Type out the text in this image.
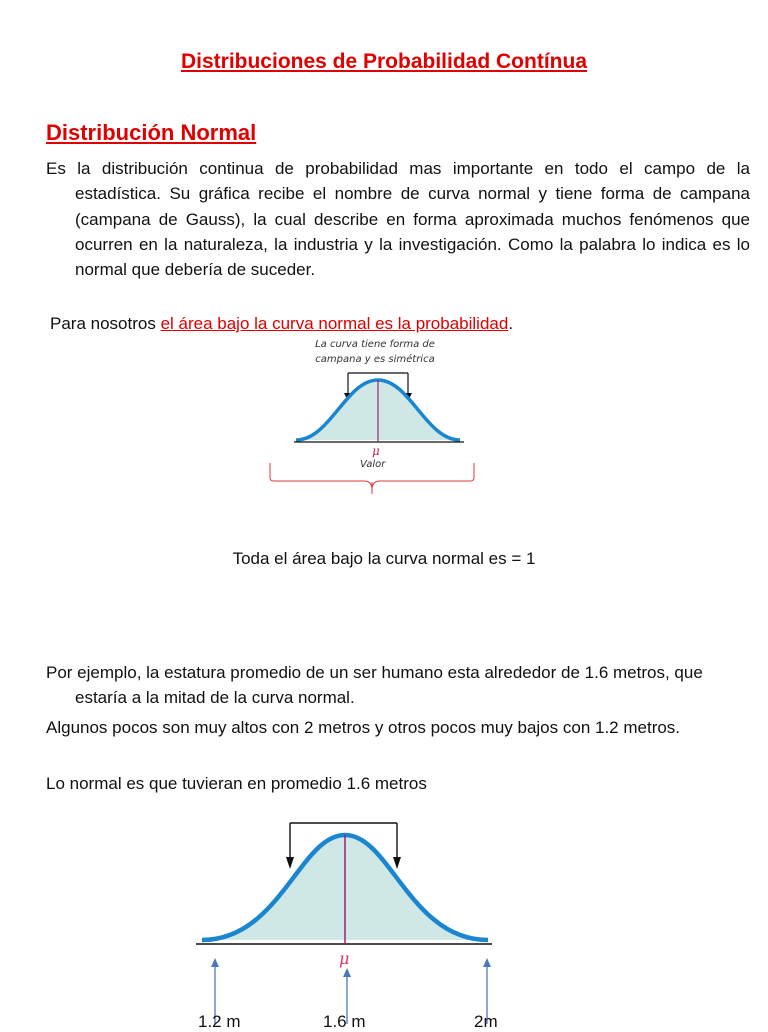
Distribuciones de Probabilidad Contínua
Distribución Normal
Es la distribución continua de probabilidad mas importante en todo el campo de la estadística. Su gráfica recibe el nombre de curva normal y tiene forma de campana (campana de Gauss), la cual describe en forma aproximada muchos fenómenos que ocurren en la naturaleza, la industria y la investigación. Como la palabra lo indica es lo normal que debería de suceder.
Para nosotros el área bajo la curva normal es la probabilidad.
La curva tiene forma de
campana y es simétrica
μ
Valor
Toda el área bajo la curva normal es = 1
Por ejemplo, la estatura promedio de un ser humano esta alrededor de 1.6 metros, que estaría a la mitad de la curva normal.
Algunos pocos son muy altos con 2 metros y otros pocos muy bajos con 1.2 metros.
Lo normal es que tuvieran en promedio 1.6 metros
μ
1.2 m	1.6 m	2m
